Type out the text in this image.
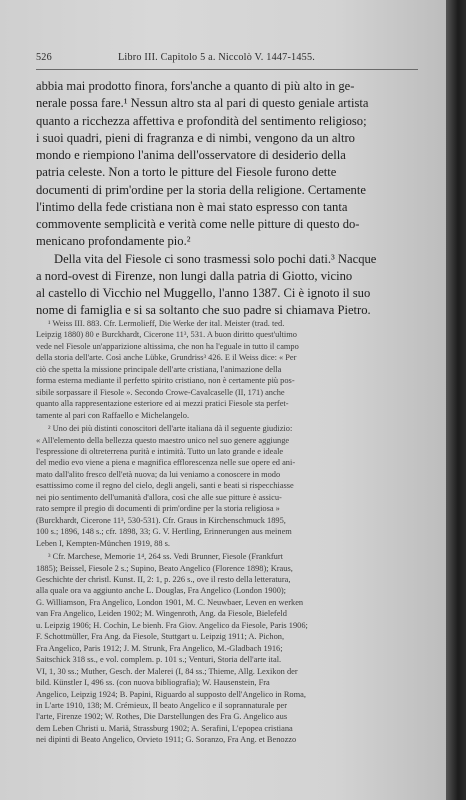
526	Libro III. Capitolo 5 a. Niccolò V. 1447-1455.
abbia mai prodotto finora, fors'anche a quanto di più alto in ge-
nerale possa fare.¹ Nessun altro sta al pari di questo geniale artista
quanto a ricchezza affettiva e profondità del sentimento religioso;
i suoi quadri, pieni di fragranza e di nimbi, vengono da un altro
mondo e riempiono l'anima dell'osservatore di desiderio della
patria celeste. Non a torto le pitture del Fiesole furono dette
documenti di prim'ordine per la storia della religione. Certamente
l'intimo della fede cristiana non è mai stato espresso con tanta
commovente semplicità e verità come nelle pitture di questo do-
menicano profondamente pio.²
Della vita del Fiesole ci sono trasmessi solo pochi dati.³ Nacque
a nord-ovest di Firenze, non lungi dalla patria di Giotto, vicino
al castello di Vicchio nel Muggello, l'anno 1387. Ci è ignoto il suo
nome di famiglia e si sa soltanto che suo padre si chiamava Pietro.
¹ Weiss III. 883. Cfr. Lermolieff, Die Werke der ital. Meister (trad. ted.
Leipzig 1880) 80 e Burckhardt, Cicerone 11³, 531. A buon diritto quest'ultimo
vede nel Fiesole un'apparizione altissima, che non ha l'eguale in tutto il campo
della storia dell'arte. Così anche Lübke, Grundriss³ 426. E il Weiss dice: « Per
ciò che spetta la missione principale dell'arte cristiana, l'animazione della
forma esterna mediante il perfetto spirito cristiano, non è certamente più pos-
sibile sorpassare il Fiesole ». Secondo Crowe-Cavalcaselle (II, 171) anche
quanto alla rappresentazione esteriore ed ai mezzi pratici Fiesole sta perfet-
tamente al pari con Raffaello e Michelangelo.
² Uno dei più distinti conoscitori dell'arte italiana dà il seguente giudizio:
« All'elemento della bellezza questo maestro unico nel suo genere aggiunge
l'espressione di oltreterrena purità e intimità. Tutto un lato grande e ideale
del medio evo viene a piena e magnifica efflorescenza nelle sue opere ed ani-
mato dall'alito fresco dell'età nuova; da lui veniamo a conoscere in modo
esattissimo come il regno del cielo, degli angeli, santi e beati si rispecchiasse
nei pio sentimento dell'umanità d'allora, così che alle sue pitture è assicu-
rato sempre il pregio di documenti di prim'ordine per la storia religiosa »
(Burckhardt, Cicerone 11³, 530-531). Cfr. Graus in Kirchenschmuck 1895,
100 s.; 1896, 148 s.; cfr. 1898, 33; G. V. Hertling, Erinnerungen aus meinem
Leben I, Kempten-München 1919, 88 s.
³ Cfr. Marchese, Memorie 1⁴, 264 ss. Vedi Brunner, Fiesole (Frankfurt
1885); Beissel, Fiesole 2 s.; Supino, Beato Angelico (Florence 1898); Kraus,
Geschichte der christl. Kunst. II, 2: 1, p. 226 s., ove il resto della letteratura,
alla quale ora va aggiunto anche L. Douglas, Fra Angelico (London 1900);
G. Williamson, Fra Angelico, London 1901, M. C. Neuwbaer, Leven en werken
van Fra Angelico, Leiden 1902; M. Wingenroth, Ang. da Fiesole, Bielefeld
u. Leipzig 1906; H. Cochin, Le bienh. Fra Giov. Angelico da Fiesole, Paris 1906;
F. Schottmüller, Fra Ang. da Fiesole, Stuttgart u. Leipzig 1911; A. Pichon,
Fra Angelico, Paris 1912; J. M. Strunk, Fra Angelico, M.-Gladbach 1916;
Saitschick 318 ss., e vol. complem. p. 101 s.; Venturi, Storia dell'arte ital.
VI, 1, 30 ss.; Muther, Gesch. der Malerei (I, 84 ss.; Thieme, Allg. Lexikon der
bild. Künstler I, 496 ss. (con nuova bibliografia); W. Hausenstein, Fra
Angelico, Leipzig 1924; B. Papini, Riguardo al supposto dell'Angelico in Roma,
in L'arte 1910, 138; M. Crémieux, Il beato Angelico e il soprannaturale per
l'arte, Firenze 1902; W. Rothes, Die Darstellungen des Fra G. Angelico aus
dem Leben Christi u. Mariä, Strassburg 1902; A. Serafini, L'epopea cristiana
nei dipinti di Beato Angelico, Orvieto 1911; G. Soranzo, Fra Ang. et Benozzo
